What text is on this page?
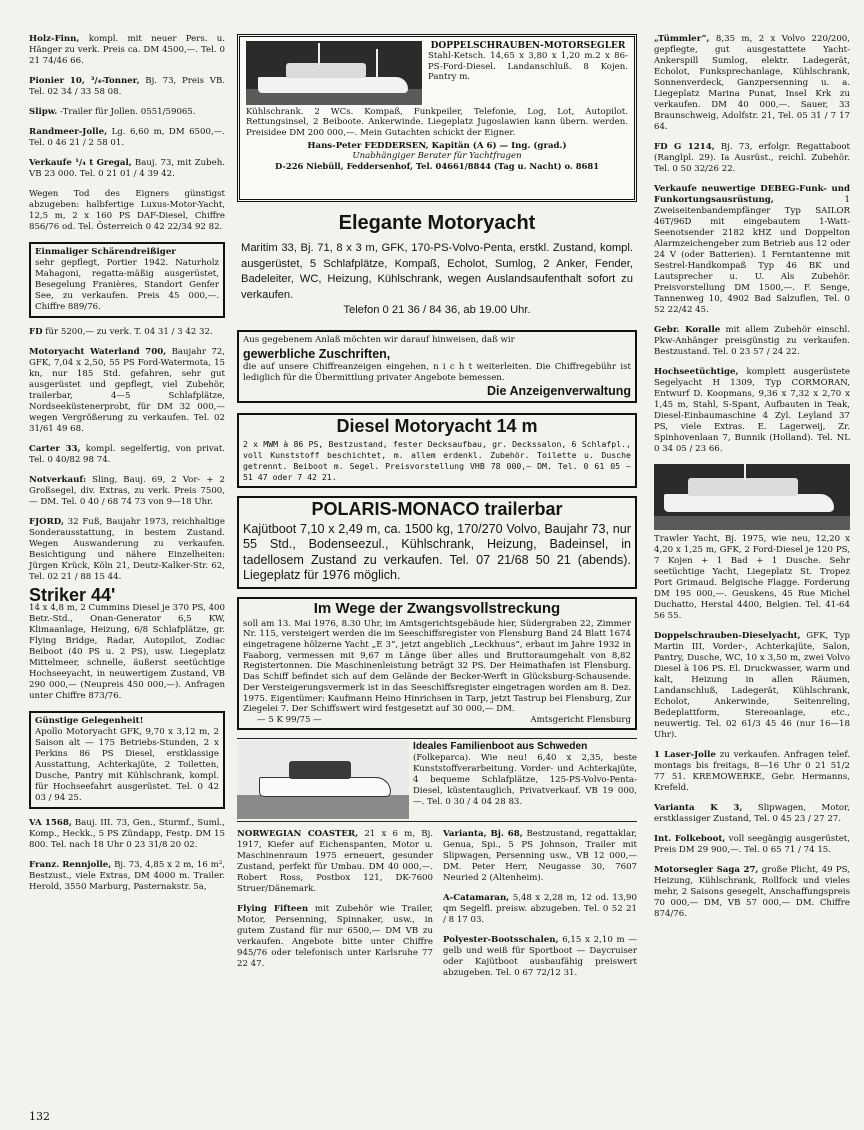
Holz-Finn, kompl. mit neuer Pers. u. Hänger zu verk. Preis ca. DM 4500,—. Tel. 0 21 74/46 66.
Pionier 10, ³/₄-Tonner, Bj. 73, Preis VB. Tel. 02 34 / 33 58 08.
Slipw. -Trailer für Jollen. 0551/59065.
Randmeer-Jolle, Lg. 6,60 m, DM 6500,—. Tel. 0 46 21 / 2 58 01.
Verkaufe ¹/₄ t Gregal, Bauj. 73, mit Zubeh. VB 23 000. Tel. 0 21 01 / 4 39 42.
Wegen Tod des Eigners günstigst abzugeben: halbfertige Luxus-Motor-Yacht, 12,5 m, 2 x 160 PS DAF-Diesel, Chiffre 856/76 od. Tel. Österreich 0 42 22/34 92 82.
Einmaliger Schärendreißiger
sehr gepflegt, Portier 1942. Naturholz Mahagoni, regatta-mäßig ausgerüstet, Besegelung Franières, Standort Genfer See, zu verkaufen. Preis 45 000,—. Chiffre 889/76.
FD für 5200,— zu verk. T. 04 31 / 3 42 32.
Motoryacht Waterland 700, Baujahr 72, GFK, 7,04 x 2,50, 55 PS Ford-Watermota, 15 kn, nur 185 Std. gefahren, sehr gut ausgerüstet und gepflegt, viel Zubehör, trailerbar, 4—5 Schlafplätze, Nordseeküstenerprobt, für DM 32 000,— wegen Vergrößerung zu verkaufen. Tel. 02 31/61 49 68.
Carter 33, kompl. segelfertig, von privat. Tel. 0 40/82 98 74.
Notverkauf: Sling, Bauj. 69, 2 Vor- + 2 Großsegel, div. Extras, zu verk. Preis 7500,— DM. Tel. 0 40 / 68 74 73 von 9—18 Uhr.
FJORD, 32 Fuß, Baujahr 1973, reichhaltige Sonderausstattung, in bestem Zustand. Wegen Auswanderung zu verkaufen. Besichtigung und nähere Einzelheiten: Jürgen Krück, Köln 21, Deutz-Kalker-Str. 62, Tel. 02 21 / 88 15 44.
Striker 44'
14 x 4,8 m, 2 Cummins Diesel je 370 PS, 400 Betr.-Std., Onan-Generator 6,5 KW, Klimaanlage, Heizung, 6/8 Schlafplätze, gr. Flying Bridge, Radar, Autopilot, Zodiac Beiboot (40 PS u. 2 PS), usw. Liegeplatz Mittelmeer, schnelle, äußerst seetüchtige Hochseeyacht, in neuwertigem Zustand, VB 290 000,— (Neupreis 450 000,—). Anfragen unter Chiffre 873/76.
Günstige Gelegenheit!
Apollo Motoryacht GFK, 9,70 x 3,12 m, 2 Saison alt — 175 Betriebs-Stunden, 2 x Perkins 86 PS Diesel, erstklassige Ausstattung, Achterkajüte, 2 Toiletten, Dusche, Pantry mit Kühlschrank, kompl. für Hochseefahrt ausgerüstet. Tel. 0 42 03 / 94 25.
VA 1568, Bauj. III. 73, Gen., Sturmf., Suml., Komp., Heckk., 5 PS Zündapp, Festp. DM 15 800. Tel. nach 18 Uhr 0 23 31/8 20 02.
Franz. Rennjolle, Bj. 73, 4,85 x 2 m, 16 m², Bestzust., viele Extras, DM 4000 m. Trailer. Herold, 3550 Marburg, Pasternakstr. 5a,
DOPPELSCHRAUBEN-MOTORSEGLER
Stahl-Ketsch. 14,65 x 3,80 x 1,20 m.2 x 86-PS-Ford-Diesel. Landanschluß. 8 Kojen. Pantry m.
Kühlschrank. 2 WCs. Kompaß, Funkpeiler, Telefonie, Log, Lot, Autopilot. Rettungsinsel, 2 Beiboote. Ankerwinde. Liegeplatz Jugoslawien kann übern. werden. Preisidee DM 200 000,—. Mein Gutachten schickt der Eigner.
Hans-Peter FEDDERSEN, Kapitän (A 6) — Ing. (grad.)
Unabhängiger Berater für Yachtfragen
D-226 Niebüll, Feddersenhof, Tel. 04661/8844 (Tag u. Nacht) o. 8681
Elegante Motoryacht
Maritim 33, Bj. 71, 8 x 3 m, GFK, 170-PS-Volvo-Penta, erstkl. Zustand, kompl. ausgerüstet, 5 Schlafplätze, Kompaß, Echolot, Sumlog, 2 Anker, Fender, Badeleiter, WC, Heizung, Kühlschrank, wegen Auslandsaufenthalt sofort zu verkaufen.
Telefon 0 21 36 / 84 36, ab 19.00 Uhr.
Aus gegebenem Anlaß möchten wir darauf hinweisen, daß wir
gewerbliche Zuschriften,
die auf unsere Chiffreanzeigen eingehen, n i c h t weiterleiten. Die Chiffregebühr ist lediglich für die Übermittlung privater Angebote bemessen.
Die Anzeigenverwaltung
Diesel Motoryacht 14 m
2 x MWM à 86 PS, Bestzustand, fester Decksaufbau, gr. Deckssalon, 6 Schlafpl., voll Kunststoff beschichtet, m. allem erdenkl. Zubehör. Toilette u. Dusche getrennt. Beiboot m. Segel. Preisvorstellung VHB 78 000,— DM. Tel. 0 61 05 — 51 47 oder 7 42 21.
POLARIS-MONACO trailerbar
Kajütboot 7,10 x 2,49 m, ca. 1500 kg, 170/270 Volvo, Baujahr 73, nur 55 Std., Bodenseezul., Kühlschrank, Heizung, Badeinsel, in tadellosem Zustand zu verkaufen. Tel. 07 21/68 50 21 (abends). Liegeplatz für 1976 möglich.
Im Wege der Zwangsvollstreckung
soll am 13. Mai 1976, 8.30 Uhr, im Amtsgerichtsgebäude hier, Südergraben 22, Zimmer Nr. 115, versteigert werden die im Seeschiffsregister von Flensburg Band 24 Blatt 1674 eingetragene hölzerne Yacht „E 3“, jetzt angeblich „Leckhuus“, erbaut im Jahre 1932 in Faaborg, vermessen mit 9,67 m Länge über alles und Bruttoraumgehalt von 8,82 Registertonnen. Die Maschinenleistung beträgt 32 PS. Der Heimathafen ist Flensburg. Das Schiff befindet sich auf dem Gelände der Becker-Werft in Glücksburg-Schausende. Der Versteigerungsvermerk ist in das Seeschiffsregister eingetragen worden am 8. Dez. 1975. Eigentümer: Kaufmann Heino Hinrichsen in Tarp, jetzt Tastrup bei Flensburg, Zur Ziegelei 7. Der Schiffswert wird festgesetzt auf 30 000,— DM.
— 5 K 99/75 —	Amtsgericht Flensburg
Ideales Familienboot aus Schweden
(Folkeparca). Wie neu! 6,40 x 2,35, beste Kunststoffverarbeitung. Vorder- und Achterkajüte, 4 bequeme Schlafplätze, 125-PS-Volvo-Penta-Diesel, küstentauglich, Privatverkauf. VB 19 000,—. Tel. 0 30 / 4 04 28 83.
NORWEGIAN COASTER, 21 x 6 m, Bj. 1917, Kiefer auf Eichenspanten, Motor u. Maschinenraum 1975 erneuert, gesunder Zustand, perfekt für Umbau. DM 40 000,—. Robert Ross, Postbox 121, DK-7600 Struer/Dänemark.
Flying Fifteen mit Zubehör wie Trailer, Motor, Persenning, Spinnaker, usw., in gutem Zustand für nur 6500,— DM VB zu verkaufen. Angebote bitte unter Chiffre 945/76 oder telefonisch unter Karlsruhe 77 22 47.
Varianta, Bj. 68, Bestzustand, regattaklar, Genua, Spi., 5 PS Johnson, Trailer mit Slipwagen, Persenning usw., VB 12 000,— DM. Peter Herr, Neugasse 30, 7607 Neuried 2 (Altenheim).
A-Catamaran, 5,48 x 2,28 m, 12 od. 13,90 qm Segelfl. preisw. abzugeben. Tel. 0 52 21 / 8 17 03.
Polyester-Bootsschalen, 6,15 x 2,10 m — gelb und weiß für Sportboot — Daycruiser oder Kajütboot ausbaufähig preiswert abzugeben. Tel. 0 67 72/12 31.
„Tümmler“, 8,35 m, 2 x Volvo 220/200, gepflegte, gut ausgestattete Yacht-Ankerspill Sumlog, elektr. Ladegerät, Echolot, Funksprechanlage, Kühlschrank, Sonnenverdeck, Ganzpersenning u. a. Liegeplatz Marina Punat, Insel Krk zu verkaufen. DM 40 000,—. Sauer, 33 Braunschweig, Adolfstr. 21, Tel. 05 31 / 7 17 64.
FD G 1214, Bj. 73, erfolgr. Regattaboot (Ranglpl. 29). Ia Ausrüst., reichl. Zubehör. Tel. 0 50 32/26 22.
Verkaufe neuwertige DEBEG-Funk- und Funkortungsausrüstung,	1 Zweiseitenbandempfänger Typ SAILOR 46T/96D mit eingebautem 1-Watt-Seenotsender 2182 kHZ und Doppelton Alarmzeichengeber zum Betrieb aus 12 oder 24 V (oder Batterien). 1 Ferntantenne mit Sestrel-Handkompaß Typ 46 BK und Lautsprecher u. U. Als Zubehör. Preisvorstellung DM 1500,—. F. Senge, Tannenweg 10, 4902 Bad Salzuflen, Tel. 0 52 22/42 45.
Gebr. Koralle mit allem Zubehör einschl. Pkw-Anhänger preisgünstig zu verkaufen. Bestzustand. Tel. 0 23 57 / 24 22.
Hochseetüchtige, komplett ausgerüstete Segelyacht H 1309, Typ CORMORAN, Entwurf D. Koopmans, 9,36 x 7,32 x 2,70 x 1,45 m, Stahl, S-Spant, Aufbauten in Teak, Diesel-Einbaumaschine 4 Zyl. Leyland 37 PS, viele Extras. E. Lagerweij, Zr. Spinhovenlaan 7, Bunnik (Holland). Tel. NL 0 34 05 / 23 66.
Trawler Yacht, Bj. 1975, wie neu, 12,20 x 4,20 x 1,25 m, GFK, 2 Ford-Diesel je 120 PS, 7 Kojen + 1 Bad + 1 Dusche. Sehr seetüchtige Yacht, Liegeplatz St. Tropez Port Grimaud. Belgische Flagge. Forderung DM 195 000,—. Geuskens, 45 Rue Michel Duchatto, Herstal 4400, Belgien. Tel. 41-64 56 55.
Doppelschrauben-Dieselyacht, GFK, Typ Martin III, Vorder-, Achterkajüte, Salon, Pantry, Dusche, WC, 10 x 3,50 m, zwei Volvo Diesel à 106 PS. El. Druckwasser, warm und kalt, Heizung in allen Räumen, Landanschluß, Ladegerät, Kühlschrank, Echolot, Ankerwinde, Seitenreling, Bedeplattform, Stereoanlage, etc., neuwertig. Tel. 02 61/3 45 46 (nur 16—18 Uhr).
1 Laser-Jolle zu verkaufen. Anfragen telef. montags bis freitags, 8—16 Uhr 0 21 51/2 77 51. KREMOWERKE, Gebr. Hermanns, Krefeld.
Varianta K 3, Slipwagen, Motor, erstklassiger Zustand, Tel. 0 45 23 / 27 27.
Int. Folkeboot, voll seegängig ausgerüstet, Preis DM 29 900,—. Tel. 0 65 71 / 74 15.
Motorsegler Saga 27, große Plicht, 49 PS, Heizung, Kühlschrank, Rollfock und vieles mehr, 2 Saisons gesegelt, Anschaffungspreis 70 000,— DM, VB 57 000,— DM. Chiffre 874/76.
132
